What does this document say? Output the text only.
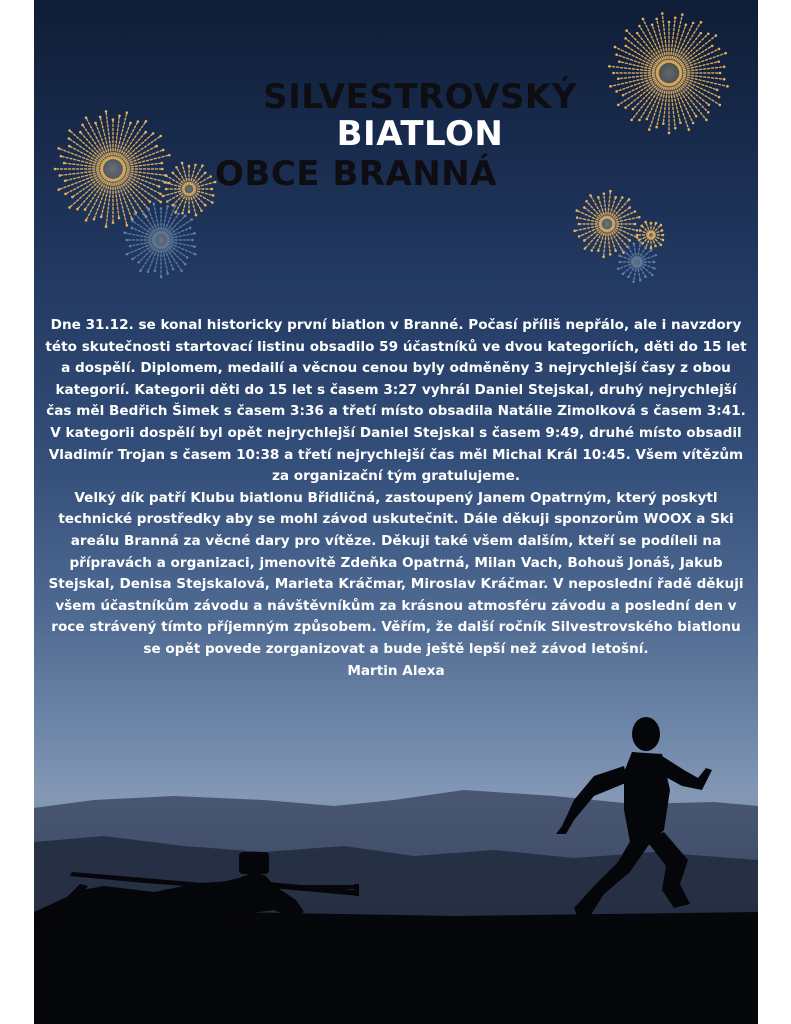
SILVESTROVSKÝ
BIATLON
OBCE BRANNÁ

Dne 31.12. se konal historicky první biatlon v Branné. Počasí příliš nepřálo, ale i navzdory této skutečnosti startovací listinu obsadilo 59 účastníků ve dvou kategoriích, děti do 15 let a dospělí. Diplomem, medailí a věcnou cenou byly odměněny 3 nejrychlejší časy z obou kategorií. Kategorii děti do 15 let s časem 3:27 vyhrál Daniel Stejskal, druhý nejrychlejší čas měl Bedřich Šimek s časem 3:36 a třetí místo obsadila Natálie Zimolková s časem 3:41. V kategorii dospělí byl opět nejrychlejší Daniel Stejskal s časem 9:49, druhé místo obsadil Vladimír Trojan s časem 10:38 a třetí nejrychlejší čas měl Michal Král 10:45. Všem vítězům za organizační tým gratulujeme.

Velký dík patří Klubu biatlonu Břidličná, zastoupený Janem Opatrným, který poskytl technické prostředky aby se mohl závod uskutečnit. Dále děkuji sponzorům WOOX a Ski areálu Branná za věcné dary pro vítěze. Děkuji také všem dalším, kteří se podíleli na přípravách a organizaci, jmenovitě Zdeňka Opatrná, Milan Vach, Bohouš Jonáš, Jakub Stejskal, Denisa Stejskalová, Marieta Kráčmar, Miroslav Kráčmar. V neposlední řadě děkuji všem účastníkům závodu a návštěvníkům za krásnou atmosféru závodu a poslední den v roce strávený tímto příjemným způsobem. Věřím, že další ročník Silvestrovského biatlonu se opět povede zorganizovat a bude ještě lepší než závod letošní.

Martin Alexa
